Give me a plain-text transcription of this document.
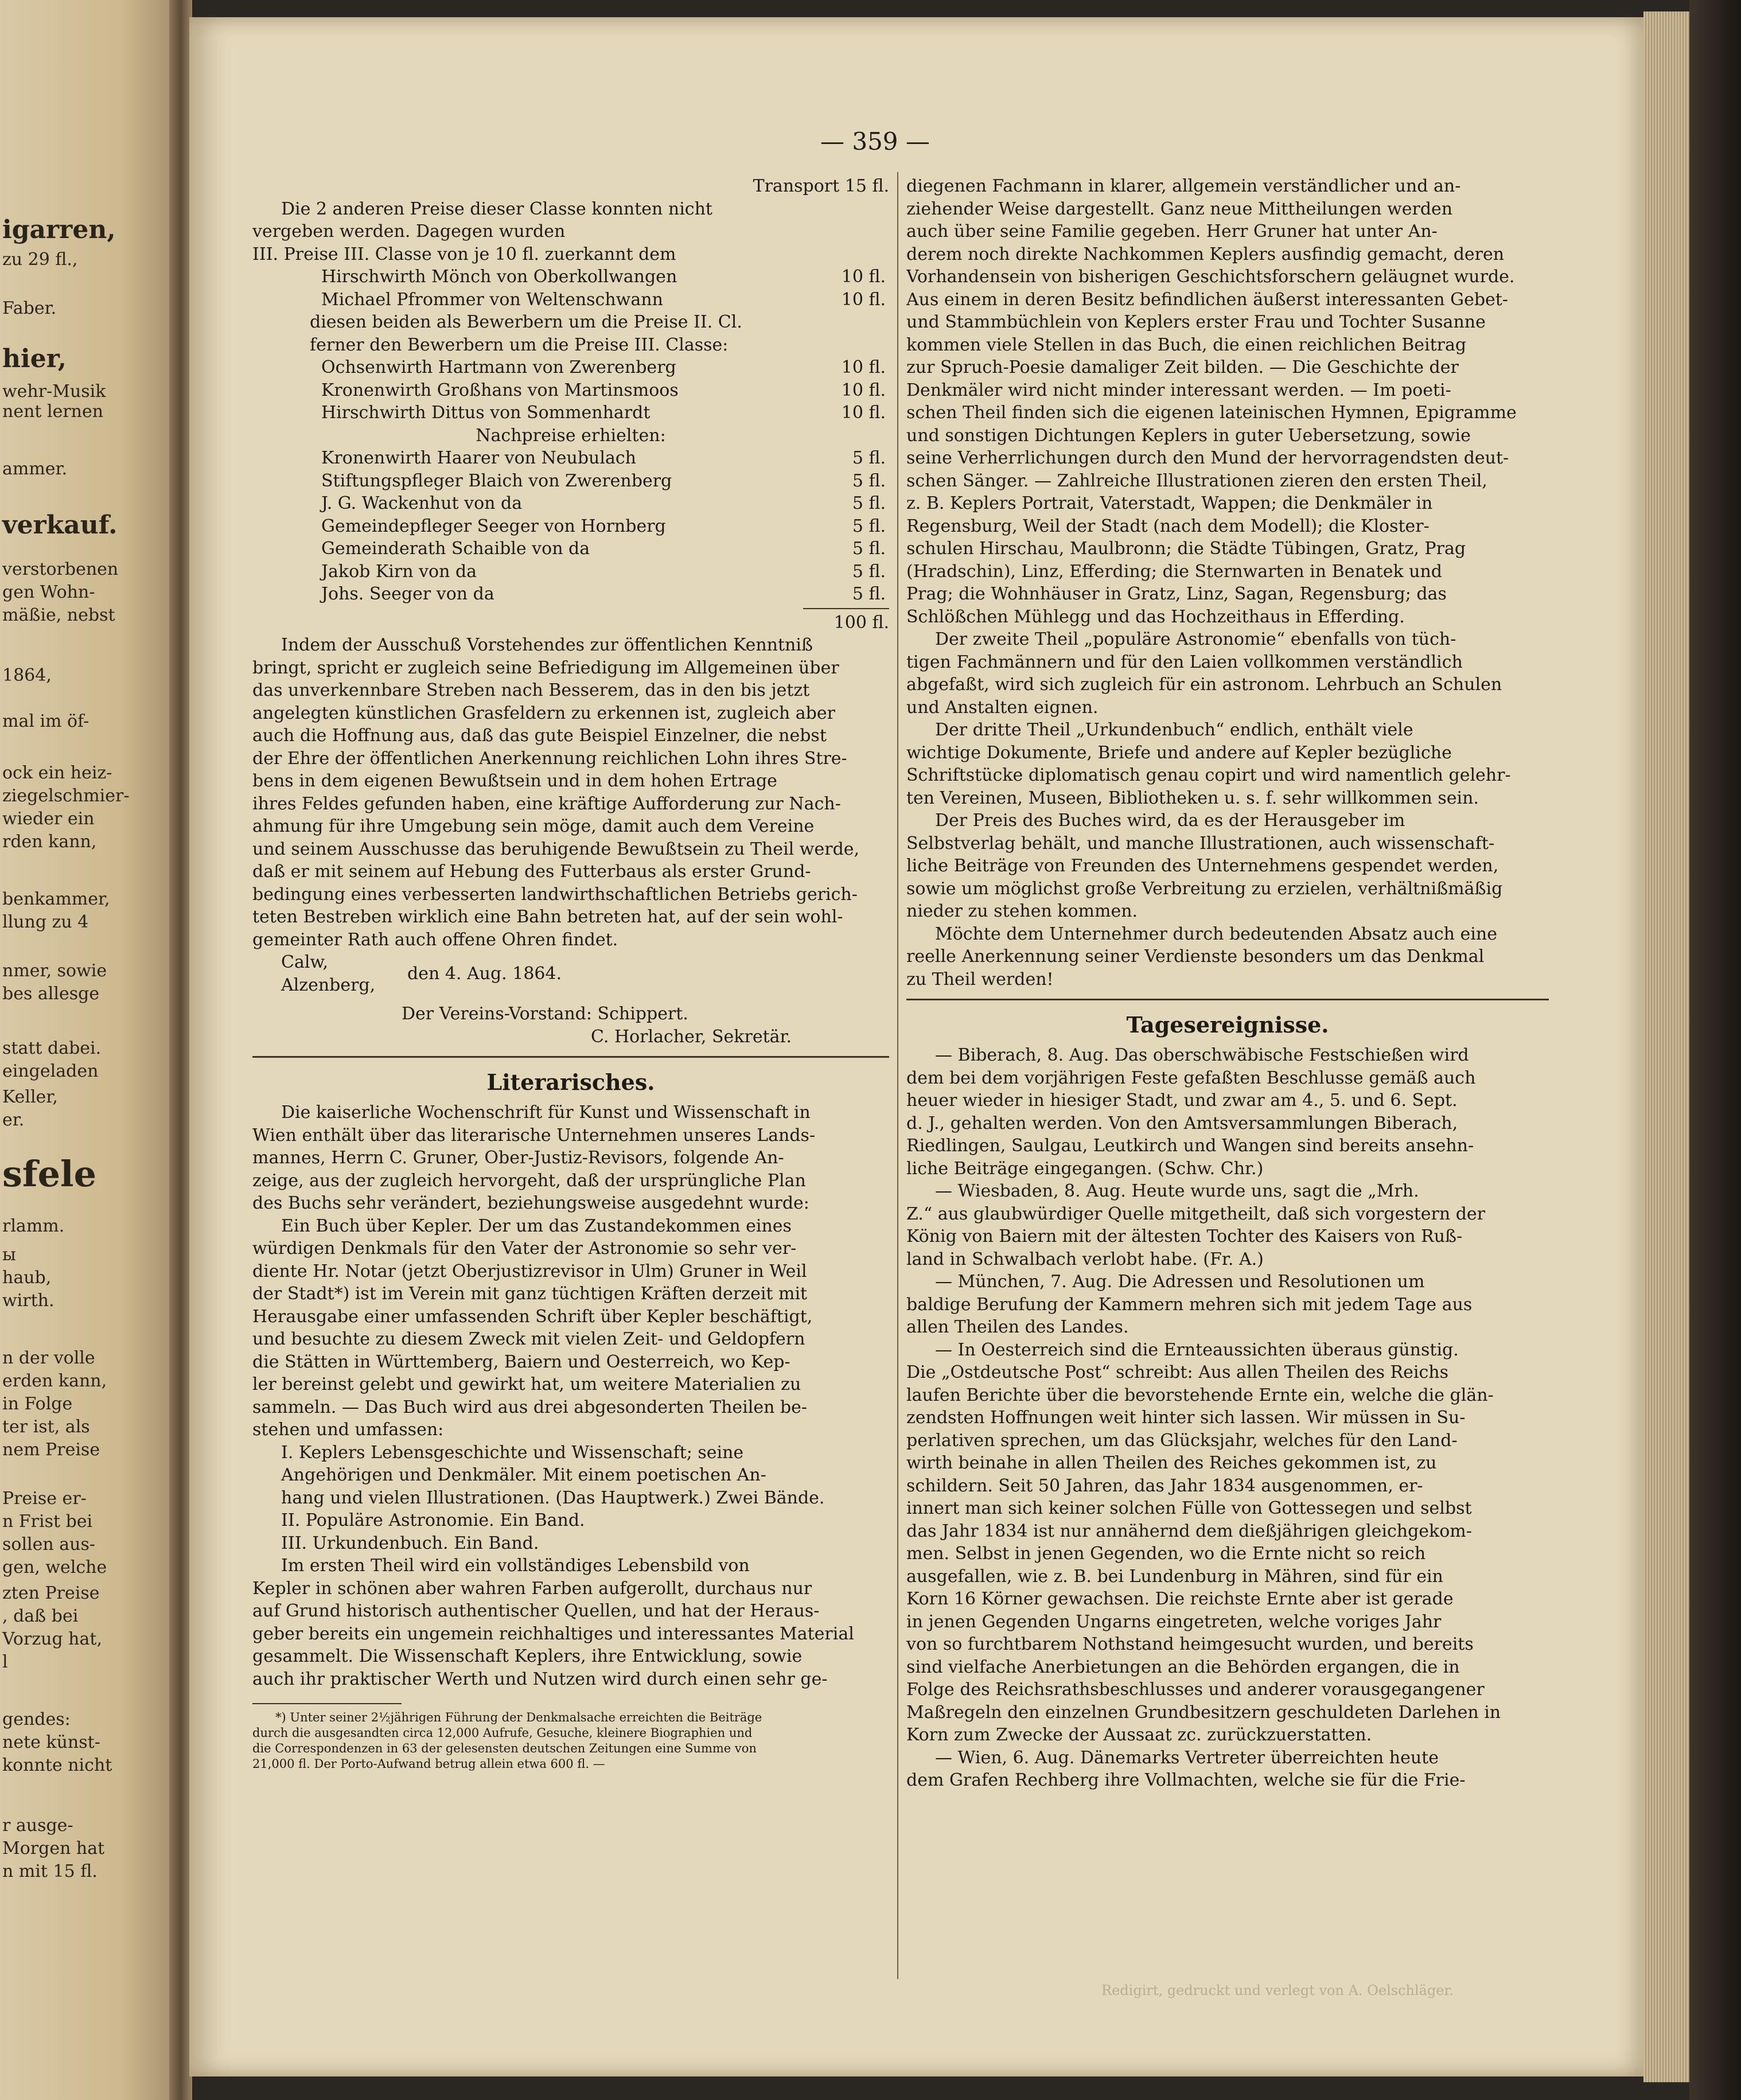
— 359 —
Transport 15 fl.
Die 2 anderen Preise dieser Classe konnten nicht
vergeben werden. Dagegen wurden
III. Preise III. Classe von je 10 fl. zuerkannt dem
Hirschwirth Mönch von Oberkollwangen	10 fl.
Michael Pfrommer von Weltenschwann	10 fl.
diesen beiden als Bewerbern um die Preise II. Cl.
ferner den Bewerbern um die Preise III. Classe:
Ochsenwirth Hartmann von Zwerenberg	10 fl.
Kronenwirth Großhans von Martinsmoos	10 fl.
Hirschwirth Dittus von Sommenhardt	10 fl.
Nachpreise erhielten:
Kronenwirth Haarer von Neubulach	5 fl.
Stiftungspfleger Blaich von Zwerenberg	5 fl.
J. G. Wackenhut von da	5 fl.
Gemeindepfleger Seeger von Hornberg	5 fl.
Gemeinderath Schaible von da	5 fl.
Jakob Kirn von da	5 fl.
Johs. Seeger von da	5 fl.
100 fl.
Indem der Ausschuß Vorstehendes zur öffentlichen Kenntniß
bringt, spricht er zugleich seine Befriedigung im Allgemeinen über
das unverkennbare Streben nach Besserem, das in den bis jetzt
angelegten künstlichen Grasfeldern zu erkennen ist, zugleich aber
auch die Hoffnung aus, daß das gute Beispiel Einzelner, die nebst
der Ehre der öffentlichen Anerkennung reichlichen Lohn ihres Stre-
bens in dem eigenen Bewußtsein und in dem hohen Ertrage
ihres Feldes gefunden haben, eine kräftige Aufforderung zur Nach-
ahmung für ihre Umgebung sein möge, damit auch dem Vereine
und seinem Ausschusse das beruhigende Bewußtsein zu Theil werde,
daß er mit seinem auf Hebung des Futterbaus als erster Grund-
bedingung eines verbesserten landwirthschaftlichen Betriebs gerich-
teten Bestreben wirklich eine Bahn betreten hat, auf der sein wohl-
gemeinter Rath auch offene Ohren findet.
Calw,
Alzenberg,
den 4. Aug. 1864.
Der Vereins-Vorstand: Schippert.
C. Horlacher, Sekretär.
Literarisches.
Die kaiserliche Wochenschrift für Kunst und Wissenschaft in
Wien enthält über das literarische Unternehmen unseres Lands-
mannes, Herrn C. Gruner, Ober-Justiz-Revisors, folgende An-
zeige, aus der zugleich hervorgeht, daß der ursprüngliche Plan
des Buchs sehr verändert, beziehungsweise ausgedehnt wurde:
Ein Buch über Kepler. Der um das Zustandekommen eines
würdigen Denkmals für den Vater der Astronomie so sehr ver-
diente Hr. Notar (jetzt Oberjustizrevisor in Ulm) Gruner in Weil
der Stadt*) ist im Verein mit ganz tüchtigen Kräften derzeit mit
Herausgabe einer umfassenden Schrift über Kepler beschäftigt,
und besuchte zu diesem Zweck mit vielen Zeit- und Geldopfern
die Stätten in Württemberg, Baiern und Oesterreich, wo Kep-
ler bereinst gelebt und gewirkt hat, um weitere Materialien zu
sammeln. — Das Buch wird aus drei abgesonderten Theilen be-
stehen und umfassen:
I. Keplers Lebensgeschichte und Wissenschaft; seine
Angehörigen und Denkmäler. Mit einem poetischen An-
hang und vielen Illustrationen. (Das Hauptwerk.) Zwei Bände.
II. Populäre Astronomie. Ein Band.
III. Urkundenbuch. Ein Band.
Im ersten Theil wird ein vollständiges Lebensbild von
Kepler in schönen aber wahren Farben aufgerollt, durchaus nur
auf Grund historisch authentischer Quellen, und hat der Heraus-
geber bereits ein ungemein reichhaltiges und interessantes Material
gesammelt. Die Wissenschaft Keplers, ihre Entwicklung, sowie
auch ihr praktischer Werth und Nutzen wird durch einen sehr ge-
*) Unter seiner 2½jährigen Führung der Denkmalsache erreichten die Beiträge
durch die ausgesandten circa 12,000 Aufrufe, Gesuche, kleinere Biographien und
die Correspondenzen in 63 der gelesensten deutschen Zeitungen eine Summe von
21,000 fl. Der Porto-Aufwand betrug allein etwa 600 fl. —
diegenen Fachmann in klarer, allgemein verständlicher und an-
ziehender Weise dargestellt. Ganz neue Mittheilungen werden
auch über seine Familie gegeben. Herr Gruner hat unter An-
derem noch direkte Nachkommen Keplers ausfindig gemacht, deren
Vorhandensein von bisherigen Geschichtsforschern geläugnet wurde.
Aus einem in deren Besitz befindlichen äußerst interessanten Gebet-
und Stammbüchlein von Keplers erster Frau und Tochter Susanne
kommen viele Stellen in das Buch, die einen reichlichen Beitrag
zur Spruch-Poesie damaliger Zeit bilden. — Die Geschichte der
Denkmäler wird nicht minder interessant werden. — Im poeti-
schen Theil finden sich die eigenen lateinischen Hymnen, Epigramme
und sonstigen Dichtungen Keplers in guter Uebersetzung, sowie
seine Verherrlichungen durch den Mund der hervorragendsten deut-
schen Sänger. — Zahlreiche Illustrationen zieren den ersten Theil,
z. B. Keplers Portrait, Vaterstadt, Wappen; die Denkmäler in
Regensburg, Weil der Stadt (nach dem Modell); die Kloster-
schulen Hirschau, Maulbronn; die Städte Tübingen, Gratz, Prag
(Hradschin), Linz, Efferding; die Sternwarten in Benatek und
Prag; die Wohnhäuser in Gratz, Linz, Sagan, Regensburg; das
Schlößchen Mühlegg und das Hochzeithaus in Efferding.
Der zweite Theil „populäre Astronomie“ ebenfalls von tüch-
tigen Fachmännern und für den Laien vollkommen verständlich
abgefaßt, wird sich zugleich für ein astronom. Lehrbuch an Schulen
und Anstalten eignen.
Der dritte Theil „Urkundenbuch“ endlich, enthält viele
wichtige Dokumente, Briefe und andere auf Kepler bezügliche
Schriftstücke diplomatisch genau copirt und wird namentlich gelehr-
ten Vereinen, Museen, Bibliotheken u. s. f. sehr willkommen sein.
Der Preis des Buches wird, da es der Herausgeber im
Selbstverlag behält, und manche Illustrationen, auch wissenschaft-
liche Beiträge von Freunden des Unternehmens gespendet werden,
sowie um möglichst große Verbreitung zu erzielen, verhältnißmäßig
nieder zu stehen kommen.
Möchte dem Unternehmer durch bedeutenden Absatz auch eine
reelle Anerkennung seiner Verdienste besonders um das Denkmal
zu Theil werden!
Tagesereignisse.
— Biberach, 8. Aug. Das oberschwäbische Festschießen wird
dem bei dem vorjährigen Feste gefaßten Beschlusse gemäß auch
heuer wieder in hiesiger Stadt, und zwar am 4., 5. und 6. Sept.
d. J., gehalten werden. Von den Amtsversammlungen Biberach,
Riedlingen, Saulgau, Leutkirch und Wangen sind bereits ansehn-
liche Beiträge eingegangen. (Schw. Chr.)
— Wiesbaden, 8. Aug. Heute wurde uns, sagt die „Mrh.
Z.“ aus glaubwürdiger Quelle mitgetheilt, daß sich vorgestern der
König von Baiern mit der ältesten Tochter des Kaisers von Ruß-
land in Schwalbach verlobt habe. (Fr. A.)
— München, 7. Aug. Die Adressen und Resolutionen um
baldige Berufung der Kammern mehren sich mit jedem Tage aus
allen Theilen des Landes.
— In Oesterreich sind die Ernteaussichten überaus günstig.
Die „Ostdeutsche Post“ schreibt: Aus allen Theilen des Reichs
laufen Berichte über die bevorstehende Ernte ein, welche die glän-
zendsten Hoffnungen weit hinter sich lassen. Wir müssen in Su-
perlativen sprechen, um das Glücksjahr, welches für den Land-
wirth beinahe in allen Theilen des Reiches gekommen ist, zu
schildern. Seit 50 Jahren, das Jahr 1834 ausgenommen, er-
innert man sich keiner solchen Fülle von Gottessegen und selbst
das Jahr 1834 ist nur annähernd dem dießjährigen gleichgekom-
men. Selbst in jenen Gegenden, wo die Ernte nicht so reich
ausgefallen, wie z. B. bei Lundenburg in Mähren, sind für ein
Korn 16 Körner gewachsen. Die reichste Ernte aber ist gerade
in jenen Gegenden Ungarns eingetreten, welche voriges Jahr
von so furchtbarem Nothstand heimgesucht wurden, und bereits
sind vielfache Anerbietungen an die Behörden ergangen, die in
Folge des Reichsrathsbeschlusses und anderer vorausgegangener
Maßregeln den einzelnen Grundbesitzern geschuldeten Darlehen in
Korn zum Zwecke der Aussaat zc. zurückzuerstatten.
— Wien, 6. Aug. Dänemarks Vertreter überreichten heute
dem Grafen Rechberg ihre Vollmachten, welche sie für die Frie-
Redigirt, gedruckt und verlegt von A. Oelschläger.
igarren,
zu 29 fl.,
Faber.
hier,
wehr-Musik
nent lernen
ammer.
verkauf.
verstorbenen
gen Wohn-
mäßie, nebst
1864,
mal im öf-
ock ein heiz-
ziegelschmier-
wieder ein
rden kann,
benkammer,
llung zu 4
nmer, sowie
bes allesge
statt dabei.
eingeladen
Keller,
er.
sfele
rlamm.
ы
haub,
wirth.
n der volle
erden kann,
in Folge
ter ist, als
nem Preise
Preise er-
n Frist bei
sollen aus-
gen, welche
zten Preise
, daß bei
Vorzug hat,
l
gendes:
nete künst-
konnte nicht
r ausge-
Morgen hat
n mit 15 fl.
